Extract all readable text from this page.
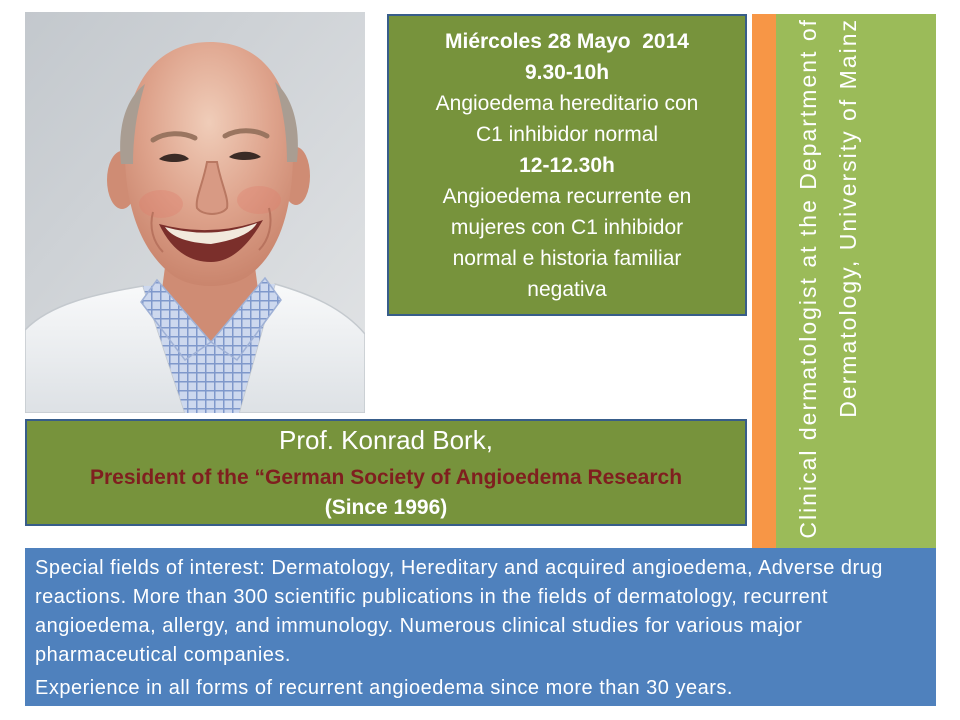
Miércoles 28 Mayo  2014
9.30-10h
Angioedema hereditario con C1 inhibidor normal
12-12.30h
Angioedema recurrente en mujeres con C1 inhibidor normal e historia familiar negativa	Clinical dermatologist at the Department of Dermatology, University of Mainz
Prof. Konrad Bork,
President of the “German Society of Angioedema Research
(Since 1996)

Special fields of interest: Dermatology, Hereditary and acquired angioedema, Adverse drug reactions. More than 300 scientific publications in the fields of dermatology, recurrent angioedema, allergy, and immunology. Numerous clinical studies for various major pharmaceutical companies.

Experience in all forms of recurrent angioedema since more than 30 years.
